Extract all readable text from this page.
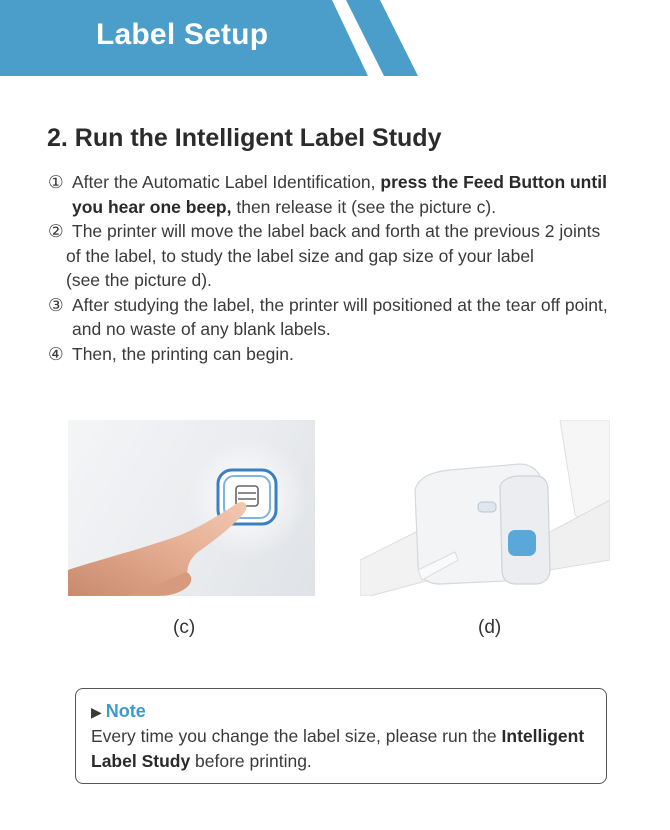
Label Setup
2. Run the Intelligent Label Study
① After the Automatic Label Identification, press the Feed Button until
you hear one beep, then release it (see the picture c).
② The printer will move the label back and forth at the previous 2 joints
of the label, to study the label size and gap size of your label
(see the picture d).
③ After studying the label, the printer will positioned at the tear off point,
and no waste of any blank labels.
④ Then, the printing can begin.
(c)	(d)
▶ Note
Every time you change the label size, please run the Intelligent
Label Study before printing.
